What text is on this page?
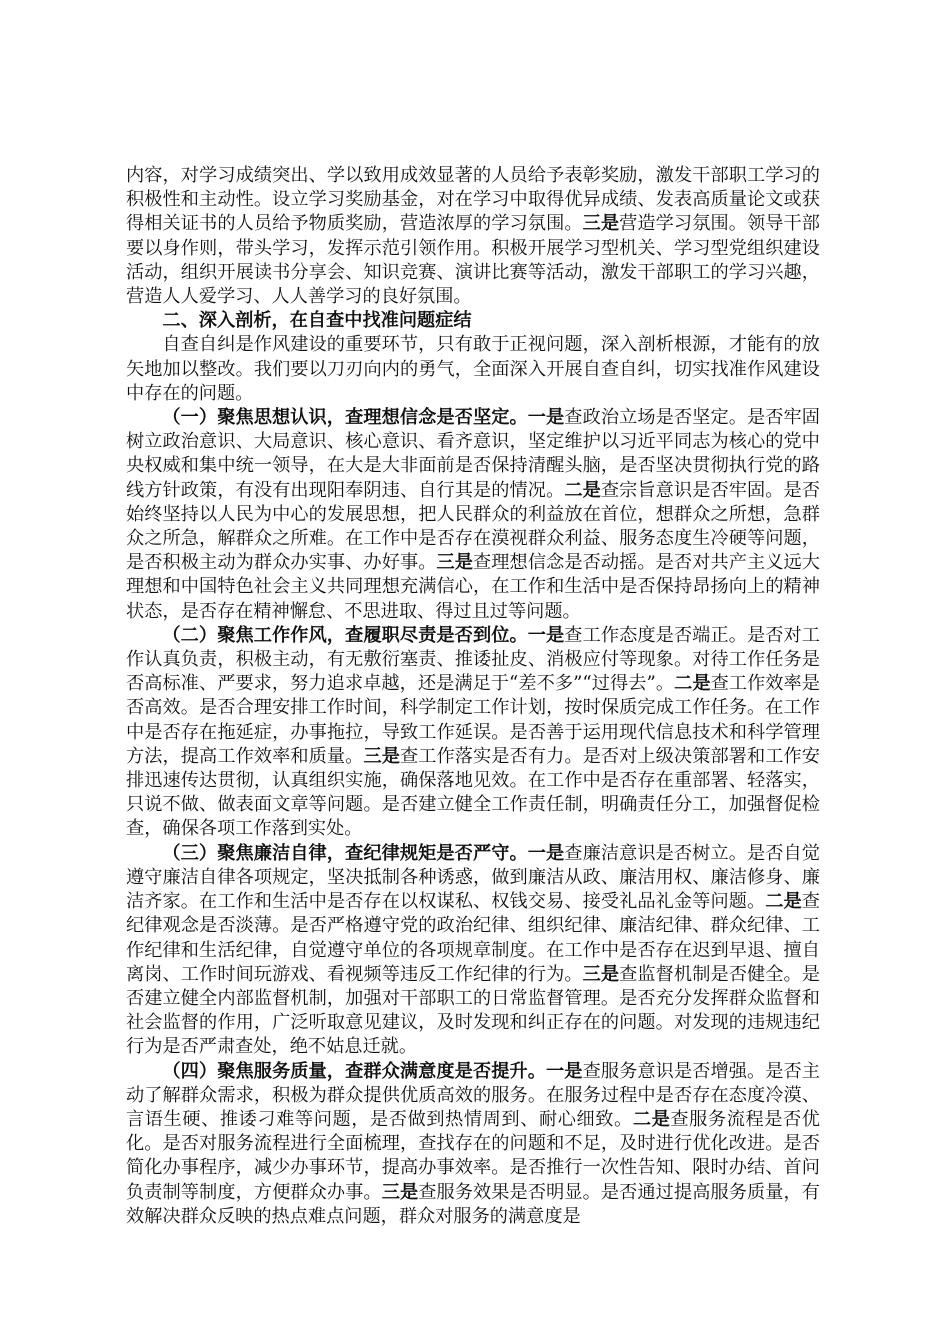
内容，对学习成绩突出、学以致用成效显著的人员给予表彰奖励，激发干部职工学习的积极性和主动性。设立学习奖励基金，对在学习中取得优异成绩、发表高质量论文或获得相关证书的人员给予物质奖励，营造浓厚的学习氛围。三是营造学习氛围。领导干部要以身作则，带头学习，发挥示范引领作用。积极开展学习型机关、学习型党组织建设活动，组织开展读书分享会、知识竞赛、演讲比赛等活动，激发干部职工的学习兴趣，营造人人爱学习、人人善学习的良好氛围。

二、深入剖析，在自查中找准问题症结

自查自纠是作风建设的重要环节，只有敢于正视问题，深入剖析根源，才能有的放矢地加以整改。我们要以刀刃向内的勇气，全面深入开展自查自纠，切实找准作风建设中存在的问题。

（一）聚焦思想认识，查理想信念是否坚定。一是查政治立场是否坚定。是否牢固树立政治意识、大局意识、核心意识、看齐意识，坚定维护以习近平同志为核心的党中央权威和集中统一领导，在大是大非面前是否保持清醒头脑，是否坚决贯彻执行党的路线方针政策，有没有出现阳奉阴违、自行其是的情况。二是查宗旨意识是否牢固。是否始终坚持以人民为中心的发展思想，把人民群众的利益放在首位，想群众之所想，急群众之所急，解群众之所难。在工作中是否存在漠视群众利益、服务态度生冷硬等问题，是否积极主动为群众办实事、办好事。三是查理想信念是否动摇。是否对共产主义远大理想和中国特色社会主义共同理想充满信心，在工作和生活中是否保持昂扬向上的精神状态，是否存在精神懈怠、不思进取、得过且过等问题。

（二）聚焦工作作风，查履职尽责是否到位。一是查工作态度是否端正。是否对工作认真负责，积极主动，有无敷衍塞责、推诿扯皮、消极应付等现象。对待工作任务是否高标准、严要求，努力追求卓越，还是满足于“差不多”“过得去”。二是查工作效率是否高效。是否合理安排工作时间，科学制定工作计划，按时保质完成工作任务。在工作中是否存在拖延症，办事拖拉，导致工作延误。是否善于运用现代信息技术和科学管理方法，提高工作效率和质量。三是查工作落实是否有力。是否对上级决策部署和工作安排迅速传达贯彻，认真组织实施，确保落地见效。在工作中是否存在重部署、轻落实，只说不做、做表面文章等问题。是否建立健全工作责任制，明确责任分工，加强督促检查，确保各项工作落到实处。

（三）聚焦廉洁自律，查纪律规矩是否严守。一是查廉洁意识是否树立。是否自觉遵守廉洁自律各项规定，坚决抵制各种诱惑，做到廉洁从政、廉洁用权、廉洁修身、廉洁齐家。在工作和生活中是否存在以权谋私、权钱交易、接受礼品礼金等问题。二是查纪律观念是否淡薄。是否严格遵守党的政治纪律、组织纪律、廉洁纪律、群众纪律、工作纪律和生活纪律，自觉遵守单位的各项规章制度。在工作中是否存在迟到早退、擅自离岗、工作时间玩游戏、看视频等违反工作纪律的行为。三是查监督机制是否健全。是否建立健全内部监督机制，加强对干部职工的日常监督管理。是否充分发挥群众监督和社会监督的作用，广泛听取意见建议，及时发现和纠正存在的问题。对发现的违规违纪行为是否严肃查处，绝不姑息迁就。

（四）聚焦服务质量，查群众满意度是否提升。一是查服务意识是否增强。是否主动了解群众需求，积极为群众提供优质高效的服务。在服务过程中是否存在态度冷漠、言语生硬、推诿刁难等问题，是否做到热情周到、耐心细致。二是查服务流程是否优化。是否对服务流程进行全面梳理，查找存在的问题和不足，及时进行优化改进。是否简化办事程序，减少办事环节，提高办事效率。是否推行一次性告知、限时办结、首问负责制等制度，方便群众办事。三是查服务效果是否明显。是否通过提高服务质量，有效解决群众反映的热点难点问题，群众对服务的满意度是
